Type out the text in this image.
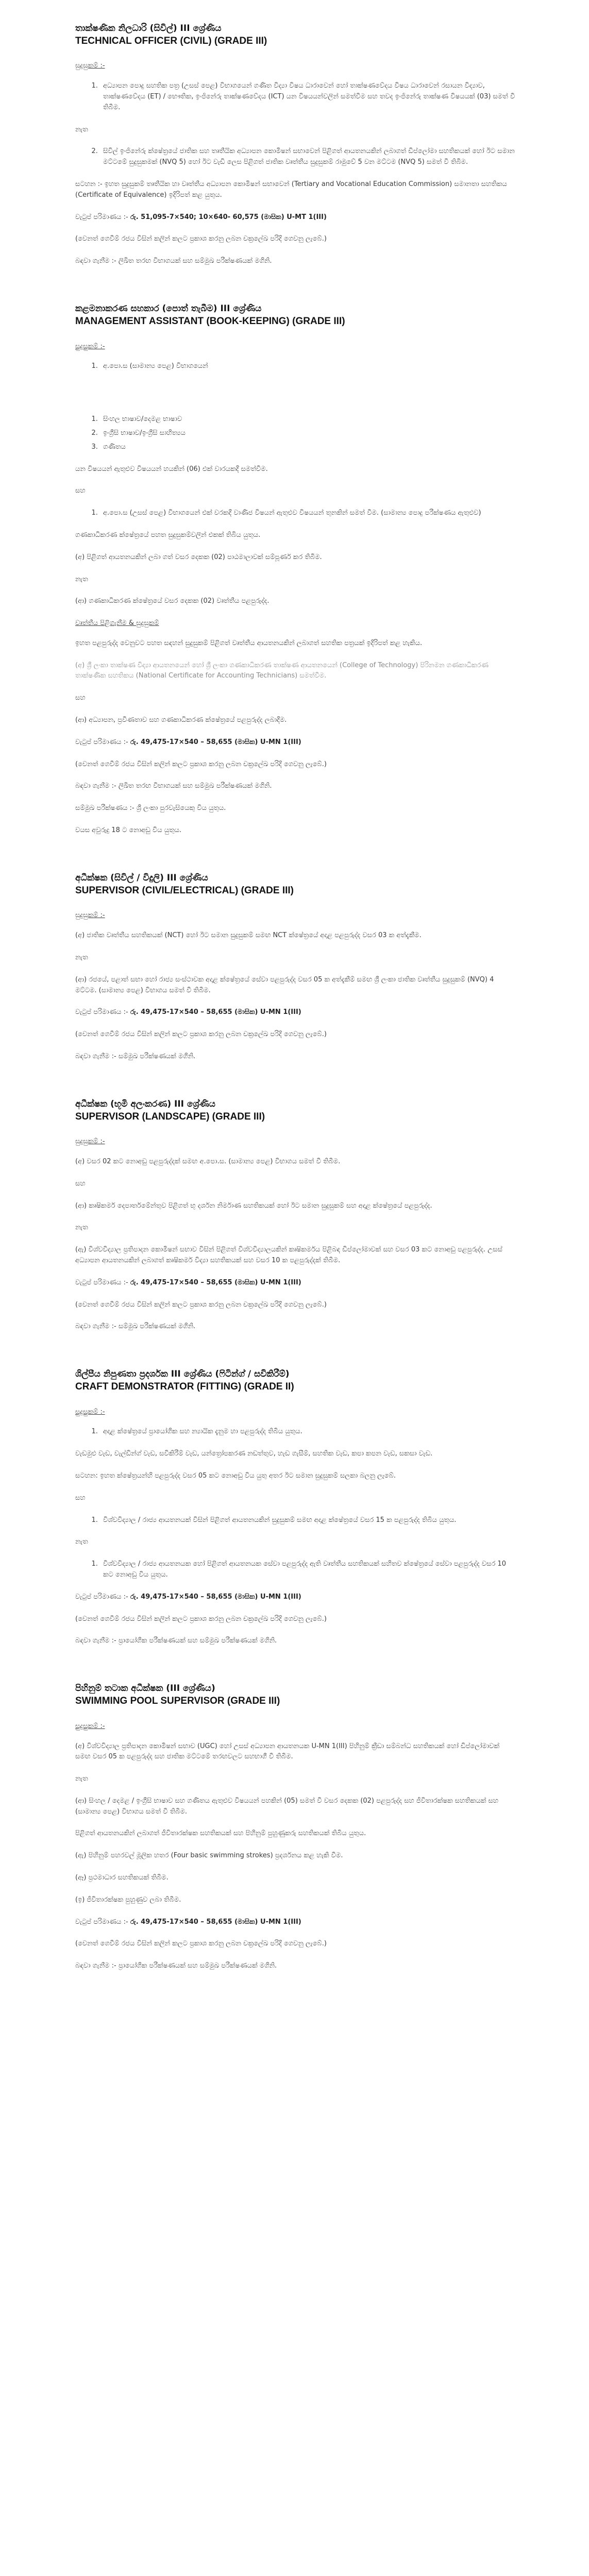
තාක්ෂණික නිලධාරි (සිවිල්) III ශ්‍රේණිය
TECHNICAL OFFICER (CIVIL) (GRADE III)

සුදුසුකම් :-

1. අධ්‍යාපන පොදු සහතික පත්‍ර (උසස් පෙළ) විභාගයෙන් ගණිත විද්‍යා විෂය ධාරාවෙන් හෝ තාක්ෂණවේදය විෂය ධාරාවෙන් රසායන විද්‍යාව, තාක්ෂණවේදය (ET) / භෞතික, ඉංජිනේරු තාක්ෂණවේදය (ICT) යන විෂයයන්වලින් සමත්වීම සහ තවද ඉංජිනේරු තාක්ෂණ විෂයයක් (03) සමත් වී තිබීම.

නැත

2. සිවිල් ඉංජිනේරු ක්ෂේත්‍රයේ ජාතික සහ තෘතීයික අධ්‍යාපන කොමිෂන් සභාවෙන් පිළිගත් ආයතනයකින් ලබාගත් ඩිප්ලෝමා සහතිකයක් හෝ ඊට සමාන මට්ටමේ සුදුසුකමක් (NVQ 5) හෝ ඊට වැඩි ලෙස පිළිගත් ජාතික වෘත්තීය සුදුසුකම් රාමුවේ 5 වන මට්ටම (NVQ 5) සමත් වී තිබීම.

සටහන :- ඉහත සුදුසුකම් තෘතීයික හා වෘත්තීය අධ්‍යාපන කොමිෂන් සභාවෙන් (Tertiary and Vocational Education Commission) සමානතා සහතිකය (Certificate of Equivalence) ඉදිරිපත් කළ යුතුය.

වැටුප් පරිමාණය :- රු. 51,095-7×540; 10×640- 60,575 (මාසික) U-MT 1(III)

(වෙනත් ගෙවීම් රජය විසින් කලින් කලට ප්‍රකාශ කරනු ලබන චක්‍රලේඛ පරිදි ගෙවනු ලැබේ.)

බඳවා ගැනීම :- ලිඛිත තරඟ විභාගයක් සහ සම්මුඛ පරීක්ෂණයක් මගිනි.

කළමනාකරණ සහකාර (පොත් තැබීම) III ශ්‍රේණිය
MANAGEMENT ASSISTANT (BOOK-KEEPING) (GRADE III)

සුදුසුකම් :-

1. අ.පො.ස (සාමාන්‍ය පෙළ) විභාගයෙන්
1. සිංහල භාෂාව/දෙමළ භාෂාව
2. ඉංග්‍රීසි භාෂාව/ඉංග්‍රීසි සාහිත්‍යය
3. ගණිතය

යන විෂයයන් ඇතුළුව විෂයයන් හයකින් (06) එක් වාරයකදී සමත්වීම.

සහ

1. අ.පො.ස (උසස් පෙළ) විභාගයෙන් එක් වරකදී වාණිජ විෂයන් ඇතුළුව විෂයයන් තුනකින් සමත් වීම. (සාමාන්‍ය පොදු පරීක්ෂණය ඇතුළුව)

ගණකාධිකරණ ක්ෂේත්‍රයේ පහත සුදුසුකම්වලින් එකක් තිබිය යුතුය.

(අ) පිළිගත් ආයතනයකින් ලබා ගත් වසර දෙකක (02) පාඨමාලාවක් සම්පූර්ණ කර තිබීම.

නැත

(ආ) ගණකාධිකරණ ක්ෂේත්‍රයේ වසර දෙකක (02) වෘත්තීය පළපුරුද්ද.

වෘත්තීය පිළිගැනීම & සුදුසුකම්

ඉහත පළපුරුද්ද වෙනුවට පහත සඳහන් සුදුසුකම් පිළිගත් වෘත්තීය ආයතනයකින් ලබාගත් සහතික පත්‍රයක් ඉදිරිපත් කළ හැකිය.

(අ) ශ්‍රී ලංකා තාක්ෂණ විද්‍යා ආයතනයෙන් හෝ ශ්‍රී ලංකා ගණකාධිකරණ තාක්ෂණ ආයතනයෙන් (College of Technology) පිරිනමන ගණකාධිකරණ තාක්ෂණික සහතිකය (National Certificate for Accounting Technicians) සමත්වීම.

සහ

(ආ) අධ්‍යාපන, ප්‍රවීණතාව සහ ගණකාධිකරණ ක්ෂේත්‍රයේ පළපුරුද්ද ලබාදීම.

වැටුප් පරිමාණය :- රු. 49,475-17×540 – 58,655 (මාසික) U-MN 1(III)

(වෙනත් ගෙවීම් රජය විසින් කලින් කලට ප්‍රකාශ කරනු ලබන චක්‍රලේඛ පරිදි ගෙවනු ලැබේ.)

බඳවා ගැනීම :- ලිඛිත තරඟ විභාගයක් සහ සම්මුඛ පරීක්ෂණයක් මගිනි.

සම්මුඛ පරීක්ෂණය :- ශ්‍රී ලංකා පුරවැසියෙකු විය යුතුය.

වයස අවුරුදු 18 ට නොඅඩු විය යුතුය.

අධීක්ෂක (සිවිල් / විදුලි) III ශ්‍රේණිය
SUPERVISOR (CIVIL/ELECTRICAL) (GRADE III)

සුදුසුකම් :-

(අ) ජාතික වෘත්තීය සහතිකයක් (NCT) හෝ ඊට සමාන සුදුසුකම් සමඟ NCT ක්ෂේත්‍රයේ අදාළ පළපුරුද්ද වසර 03 ක අත්දැකීම.

නැත

(ආ) රජයේ, පළාත් සභා හෝ රාජ්‍ය සංස්ථාවක අදාළ ක්ෂේත්‍රයේ සේවා පළපුරුද්ද වසර 05 ක අත්දැකීම් සමඟ ශ්‍රී ලංකා ජාතික වෘත්තීය සුදුසුකම් (NVQ) 4 මට්ටම. (සාමාන්‍ය පෙළ) විභාගය සමත් වී තිබීම.

වැටුප් පරිමාණය :- රු. 49,475-17×540 – 58,655 (මාසික) U-MN 1(III)

(වෙනත් ගෙවීම් රජය විසින් කලින් කලට ප්‍රකාශ කරනු ලබන චක්‍රලේඛ පරිදි ගෙවනු ලැබේ.)

බඳවා ගැනීම :- සම්මුඛ පරීක්ෂණයක් මගිනි.

අධීක්ෂක (භූමි අලංකරණ) III ශ්‍රේණිය
SUPERVISOR (LANDSCAPE) (GRADE III)

සුදුසුකම් :-

(අ) වසර 02 කට නොඅඩු පළපුරුද්දක් සමඟ අ.පො.ස. (සාමාන්‍ය පෙළ) විභාගය සමත් වී තිබීම.

සහ

(ආ) කෘෂිකර්ම දෙපාර්තමේන්තුව පිළිගත් භූ දර්ශන නිර්මාණ සහතිකයක් හෝ ඊට සමාන සුදුසුකම් සහ අදාළ ක්ෂේත්‍රයේ පළපුරුද්ද.

නැත

(ඇ) විශ්වවිද්‍යාල ප්‍රතිපාදන කොමිෂන් සභාව විසින් පිළිගත් විශ්වවිද්‍යාලයකින් කෘෂිකර්මය පිළිබඳ ඩිප්ලෝමාවක් සහ වසර 03 කට නොඅඩු පළපුරුද්ද. උසස් අධ්‍යාපන ආයතනයකින් ලබාගත් කෘෂිකර්ම විද්‍යා සහතිකයක් සහ වසර 10 ක පළපුරුද්දක් තිබීම.

වැටුප් පරිමාණය :- රු. 49,475-17×540 – 58,655 (මාසික) U-MN 1(III)

(වෙනත් ගෙවීම් රජය විසින් කලින් කලට ප්‍රකාශ කරනු ලබන චක්‍රලේඛ පරිදි ගෙවනු ලැබේ.)

බඳවා ගැනීම :- සම්මුඛ පරීක්ෂණයක් මගිනි.

ශිල්පීය නිපුණතා ප්‍රදර්ශක III ශ්‍රේණිය (ෆිටින්ග් / සවිකිරීම්)
CRAFT DEMONSTRATOR (FITTING) (GRADE II)

සුදුසුකම් :-

1. අදාළ ක්ෂේත්‍රයේ ප්‍රායෝගික සහ න්‍යායික දැනුම හා පළපුරුද්ද තිබිය යුතුය.

වැඩමුළු වැඩ, වැල්ඩින්ග් වැඩ, සවිකිරීම් වැඩ, යන්ත්‍රෝපකරණ නඩත්තුව, හැඩ ගැසීම්, සහතික වැඩ, කපා කපන වැඩ, සකසා වැඩ.

සටහන: ඉහත ක්ෂේත්‍රයන්හි පළපුරුද්ද වසර 05 කට නොඅඩු විය යුතු අතර ඊට සමාන සුදුසුකම් සලකා බලනු ලැබේ.

සහ

1. විශ්වවිද්‍යාල / රාජ්‍ය ආයතනයක් විසින් පිළිගත් ආයතනයකින් සුදුසුකම් සමඟ අදාළ ක්ෂේත්‍රයේ වසර 15 ක පළපුරුද්ද තිබිය යුතුය.

නැත

1. විශ්වවිද්‍යාල / රාජ්‍ය ආයතනයක හෝ පිළිගත් ආයතනයක සේවා පළපුරුද්ද ඇති වෘත්තීය සහතිකයක් සහිතව ක්ෂේත්‍රයේ සේවා පළපුරුද්ද වසර 10 කට නොඅඩු විය යුතුය.

වැටුප් පරිමාණය :- රු. 49,475-17×540 – 58,655 (මාසික) U-MN 1(III)

(වෙනත් ගෙවීම් රජය විසින් කලින් කලට ප්‍රකාශ කරනු ලබන චක්‍රලේඛ පරිදි ගෙවනු ලැබේ.)

බඳවා ගැනීම :- ප්‍රායෝගික පරීක්ෂණයක් සහ සම්මුඛ පරීක්ෂණයක් මගිනි.

පිහිනුම් තටාක අධීක්ෂක (III ශ්‍රේණිය)
SWIMMING POOL SUPERVISOR (GRADE III)

සුදුසුකම් :-

(අ) විශ්වවිද්‍යාල ප්‍රතිපාදන කොමිෂන් සභාව (UGC) හෝ උසස් අධ්‍යාපන ආයතනයක U-MN 1(III) පිහිනුම් ක්‍රීඩා සම්බන්ධ සහතිකයක් හෝ ඩිප්ලෝමාවක් සමඟ වසර 05 ක පළපුරුද්ද සහ ජාතික මට්ටමේ තරඟවලට සහභාගී වී තිබීම.

නැත

(ආ) සිංහල / දෙමළ / ඉංග්‍රීසි භාෂාව සහ ගණිතය ඇතුළුව විෂයයන් පහකින් (05) සමත් වී වසර දෙකක (02) පළපුරුද්ද සහ ජීවිතාරක්ෂක සහතිකයක් සහ (සාමාන්‍ය පෙළ) විභාගය සමත් වී තිබීම.

පිළිගත් ආයතනයකින් ලබාගත් ජීවිතාරක්ෂක සහතිකයක් සහ පිහිනුම් පුහුණුකරු සහතිකයක් තිබිය යුතුය.

(ඇ) පිහිනුම් පහරවල් මූලික හතර (Four basic swimming strokes) ප්‍රදර්ශනය කළ හැකි වීම.

(ඈ) ප්‍රථමාධාර සහතිකයක් තිබීම.

(ඉ) ජීවිතාරක්ෂක පුහුණුව ලබා තිබීම.

වැටුප් පරිමාණය :- රු. 49,475-17×540 – 58,655 (මාසික) U-MN 1(III)

(වෙනත් ගෙවීම් රජය විසින් කලින් කලට ප්‍රකාශ කරනු ලබන චක්‍රලේඛ පරිදි ගෙවනු ලැබේ.)

බඳවා ගැනීම :- ප්‍රායෝගික පරීක්ෂණයක් සහ සම්මුඛ පරීක්ෂණයක් මගිනි.
